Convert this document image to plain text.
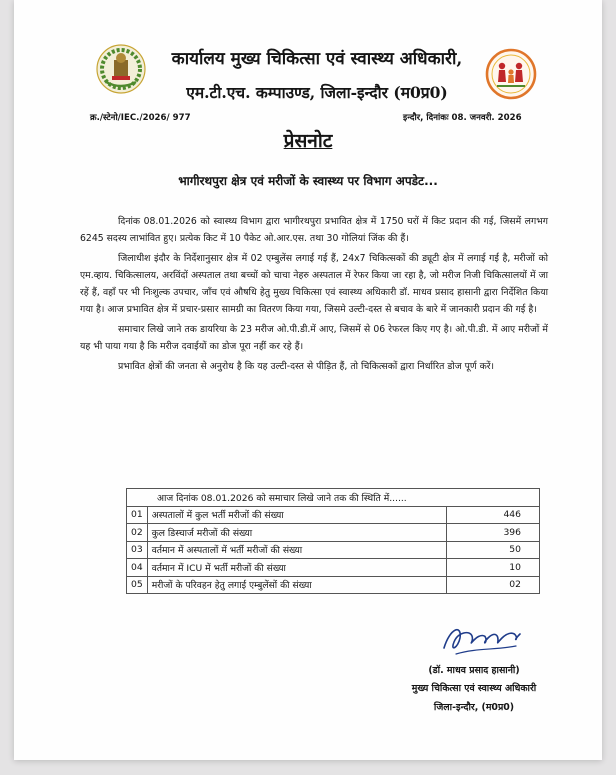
कार्यालय मुख्य चिकित्सा एवं स्वास्थ्य अधिकारी,
एम.टी.एच. कम्पाउण्ड, जिला-इन्दौर (म0प्र0)
क्र./स्टेनो/IEC./2026/ 977	इन्दौर, दिनांकः 08. जनवरी. 2026
प्रेसनोट
भागीरथपुरा क्षेत्र एवं मरीजों के स्वास्थ्य पर विभाग अपडेट...

दिनांक 08.01.2026 को स्वास्थ्य विभाग द्वारा भागीरथपुरा प्रभावित क्षेत्र में 1750 घरों में किट प्रदान की गई, जिसमें लगभग 6245 सदस्य लाभांवित हुए। प्रत्येक किट में 10 पैकेट ओ.आर.एस. तथा 30 गोलियां जिंक की हैं।

जिलाधीश इंदौर के निर्देशानुसार क्षेत्र में 02 एम्बुलेंस लगाई गई हैं, 24x7 चिकित्सकों की ड्यूटी क्षेत्र में लगाई गई है, मरीजों को एम.व्हाय. चिकित्सालय, अरविंदों अस्पताल तथा बच्चों को चाचा नेहरु अस्पताल में रेफर किया जा रहा है, जो मरीज निजी चिकित्सालयों में जा रहें हैं, वहाँ पर भी निःशुल्क उपचार, जाँच एवं औषधि हेतु मुख्य चिकित्सा एवं स्वास्थ्य अधिकारी डॉ. माधव प्रसाद हासानी द्वारा निर्देशित किया गया है। आज प्रभावित क्षेत्र में प्रचार-प्रसार सामग्री का वितरण किया गया, जिसमे उल्टी-दस्त से बचाव के बारे में जानकारी प्रदान की गई है।

समाचार लिखे जाने तक डायरिया के 23 मरीज ओ.पी.डी.में आए, जिसमें से 06 रेफरल किए गए है। ओ.पी.डी. में आए मरीजों में यह भी पाया गया है कि मरीज दवाईयों का डोज पूरा नहीं कर रहे हैं।

प्रभावित क्षेत्रों की जनता से अनुरोध है कि यह उल्टी-दस्त से पीड़ित हैं, तो चिकित्सकों द्वारा निर्धारित डोज पूर्ण करें।

आज दिनांक 08.01.2026 को समाचार लिखे जाने तक की स्थिति में......		
01	अस्पतालों में कुल भर्ती मरीजों की संख्या	446
02	कुल डिस्चार्ज मरीजों की संख्या	396
03	वर्तमान में अस्पतालों में भर्ती मरीजों की संख्या	50
04	वर्तमान में ICU में भर्ती मरीजों की संख्या	10
05	मरीजों के परिवहन हेतु लगाई एम्बुलेंसों की संख्या	02
(डॉ. माधव प्रसाद हासानी)
मुख्य चिकित्सा एवं स्वास्थ्य अधिकारी
जिला-इन्दौर, (म0प्र0)
